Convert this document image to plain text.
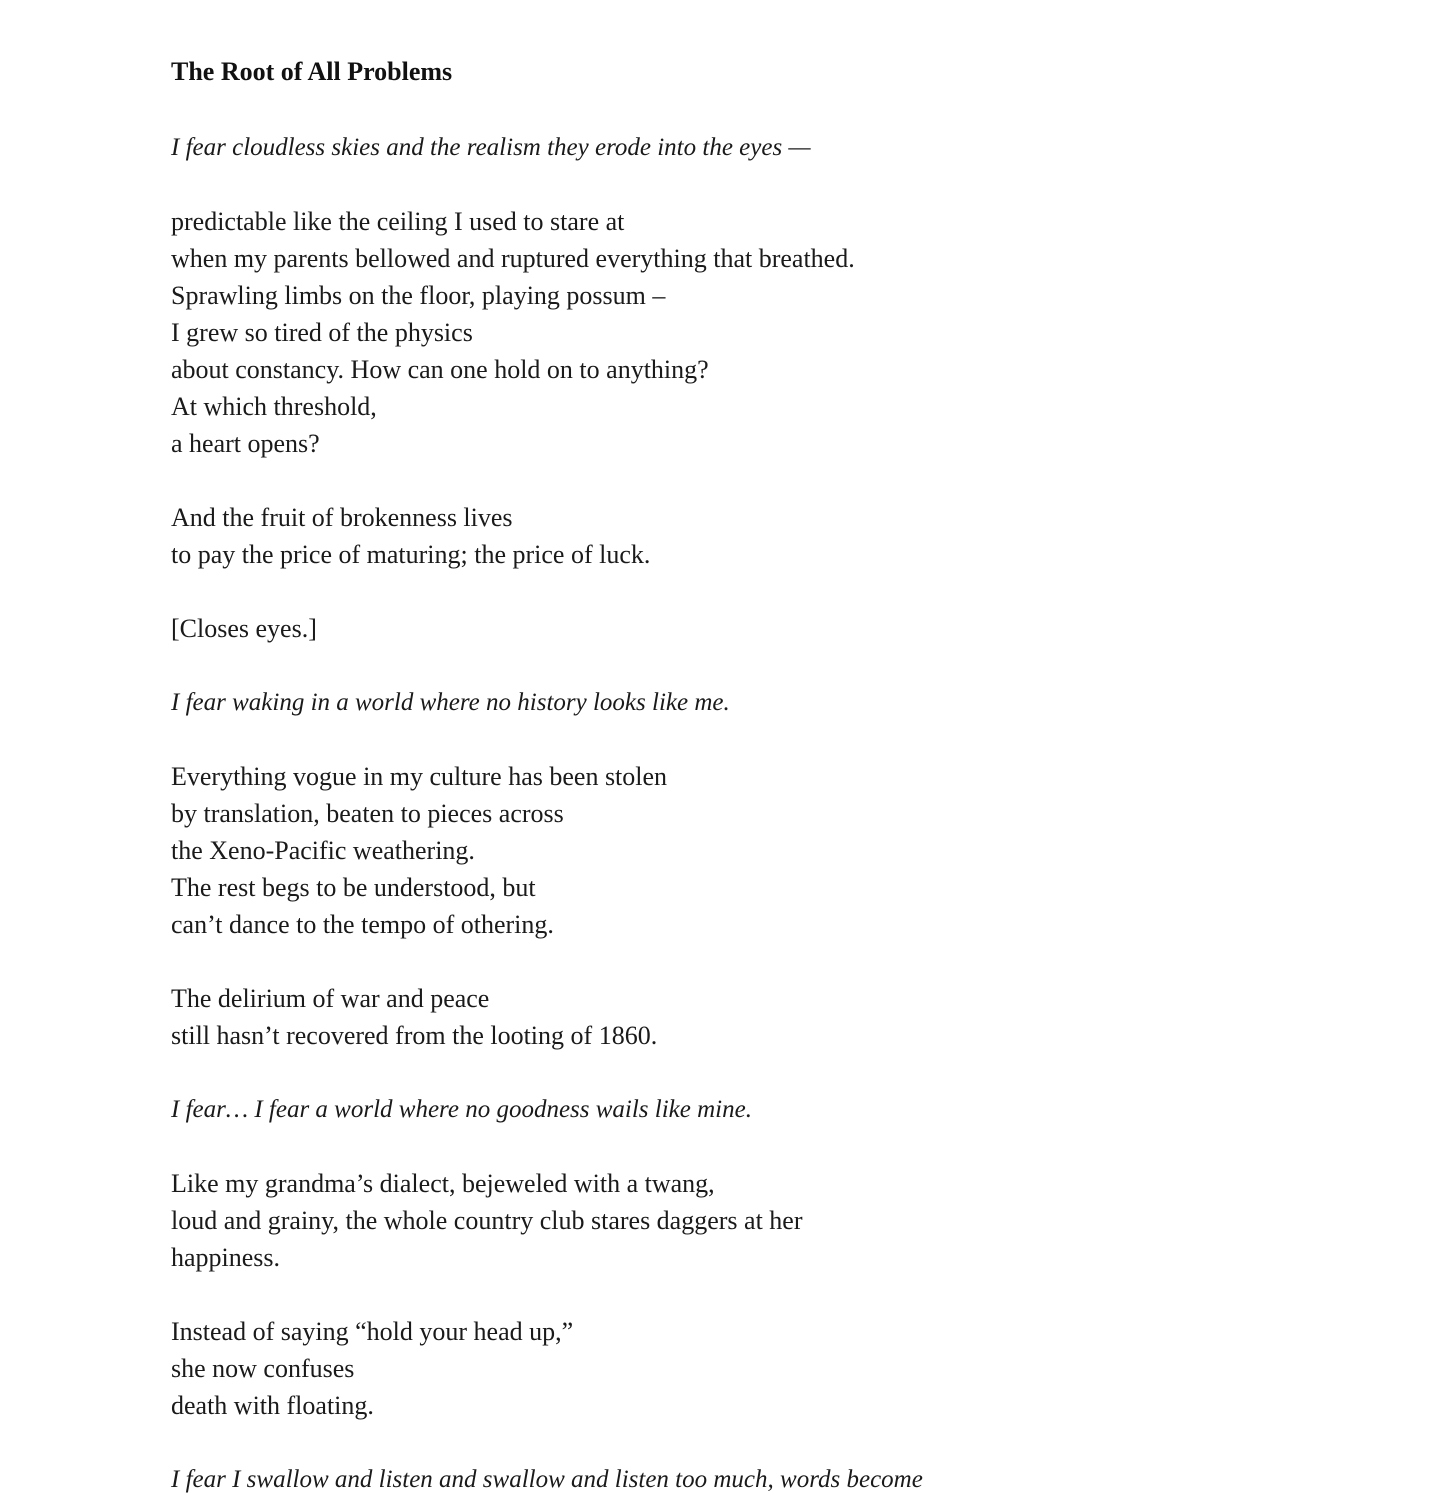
The Root of All Problems
I fear cloudless skies and the realism they erode into the eyes —
predictable like the ceiling I used to stare at
when my parents bellowed and ruptured everything that breathed.
Sprawling limbs on the floor, playing possum –
I grew so tired of the physics
about constancy. How can one hold on to anything?
At which threshold,
a heart opens?
And the fruit of brokenness lives
to pay the price of maturing; the price of luck.
[Closes eyes.]
I fear waking in a world where no history looks like me.
Everything vogue in my culture has been stolen
by translation, beaten to pieces across
the Xeno-Pacific weathering.
The rest begs to be understood, but
can’t dance to the tempo of othering.
The delirium of war and peace
still hasn’t recovered from the looting of 1860.
I fear… I fear a world where no goodness wails like mine.
Like my grandma’s dialect, bejeweled with a twang,
loud and grainy, the whole country club stares daggers at her
happiness.
Instead of saying “hold your head up,”
she now confuses
death with floating.
I fear I swallow and listen and swallow and listen too much, words become
